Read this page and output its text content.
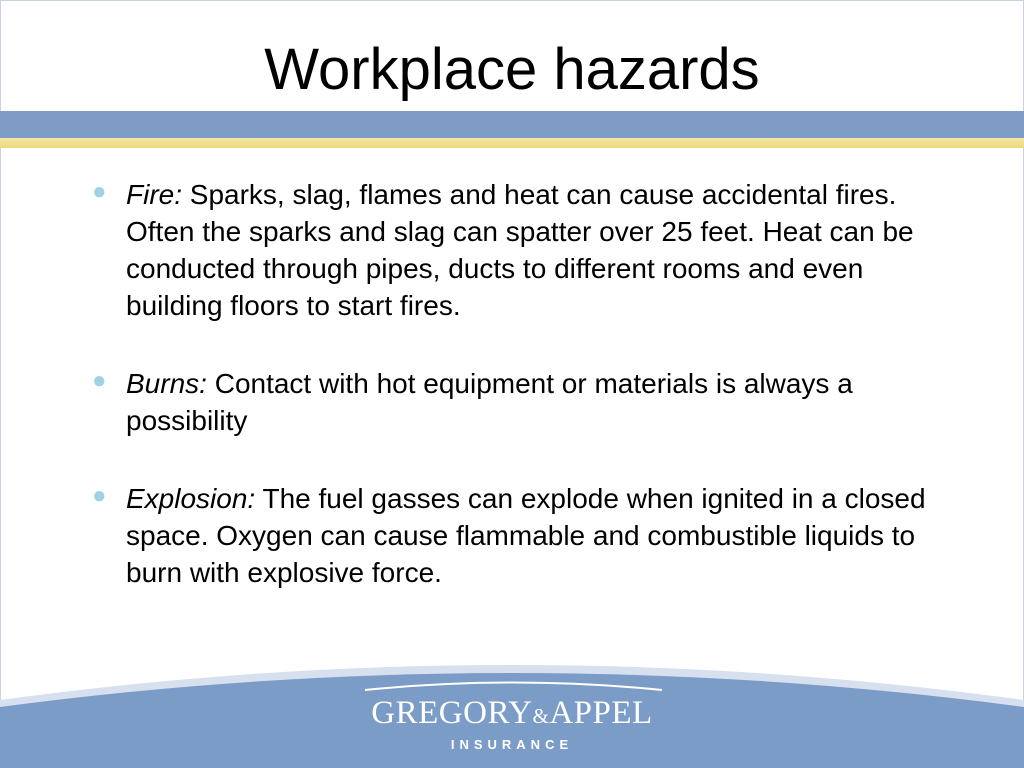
Workplace hazards
● Fire: Sparks, slag, flames and heat can cause accidental fires. Often the sparks and slag can spatter over 25 feet. Heat can be conducted through pipes, ducts to different rooms and even building floors to start fires.
● Burns: Contact with hot equipment or materials is always a possibility
● Explosion: The fuel gasses can explode when ignited in a closed space. Oxygen can cause flammable and combustible liquids to burn with explosive force.
GREGORY&APPEL
INSURANCE
